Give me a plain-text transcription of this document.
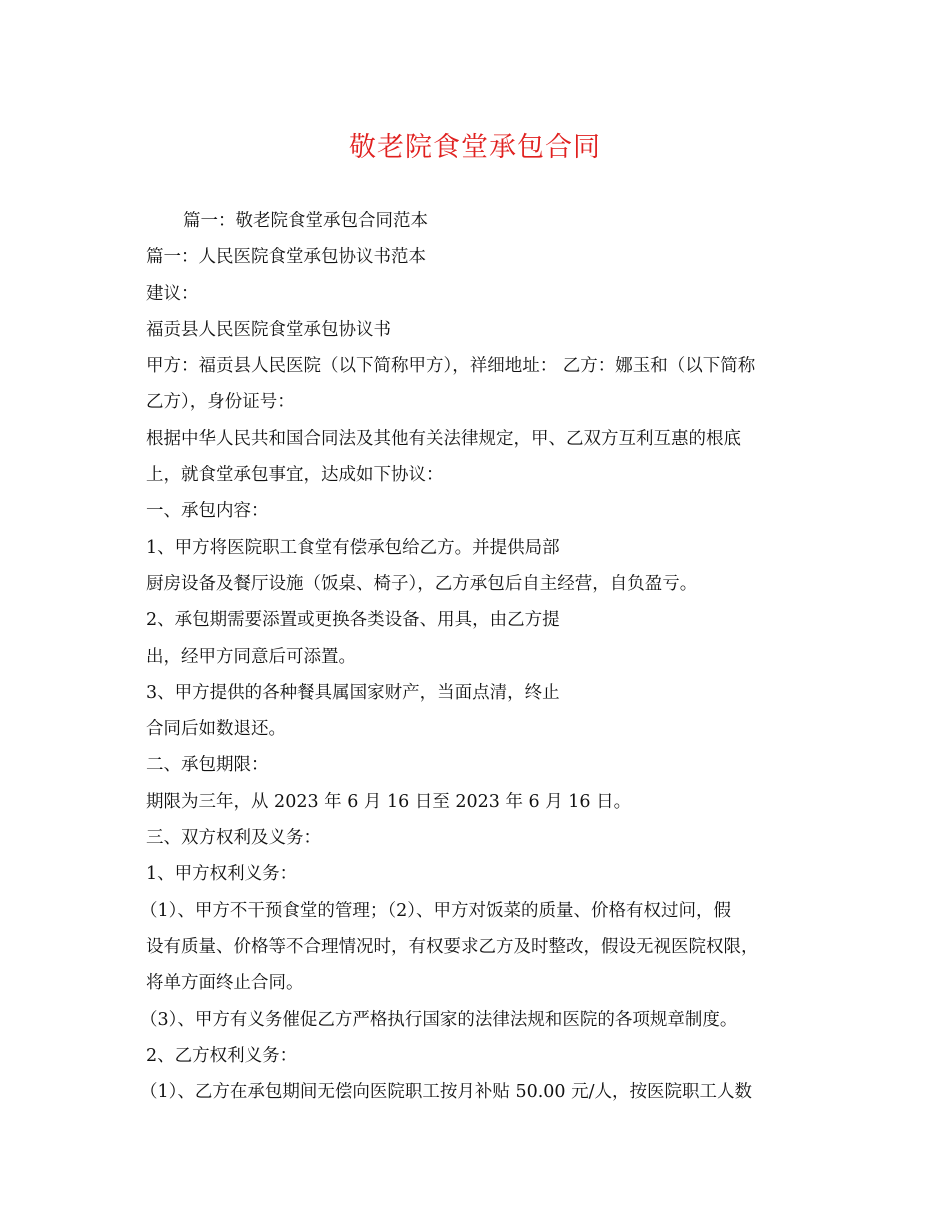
敬老院食堂承包合同
篇一：敬老院食堂承包合同范本
篇一：人民医院食堂承包协议书范本
建议：
福贡县人民医院食堂承包协议书
甲方：福贡县人民医院（以下简称甲方），祥细地址： 乙方：娜玉和（以下简称
乙方），身份证号：
根据中华人民共和国合同法及其他有关法律规定，甲、乙双方互利互惠的根底
上，就食堂承包事宜，达成如下协议：
一、承包内容：
1、甲方将医院职工食堂有偿承包给乙方。并提供局部
厨房设备及餐厅设施（饭桌、椅子），乙方承包后自主经营，自负盈亏。
2、承包期需要添置或更换各类设备、用具，由乙方提
出，经甲方同意后可添置。
3、甲方提供的各种餐具属国家财产，当面点清，终止
合同后如数退还。
二、承包期限：
期限为三年，从 2023 年 6 月 16 日至 2023 年 6 月 16 日。
三、双方权利及义务：
1、甲方权利义务：
（1）、甲方不干预食堂的管理；（2）、甲方对饭菜的质量、价格有权过问，假
设有质量、价格等不合理情况时，有权要求乙方及时整改，假设无视医院权限，
将单方面终止合同。
（3）、甲方有义务催促乙方严格执行国家的法律法规和医院的各项规章制度。
2、乙方权利义务：
（1）、乙方在承包期间无偿向医院职工按月补贴 50.00 元/人，按医院职工人数
